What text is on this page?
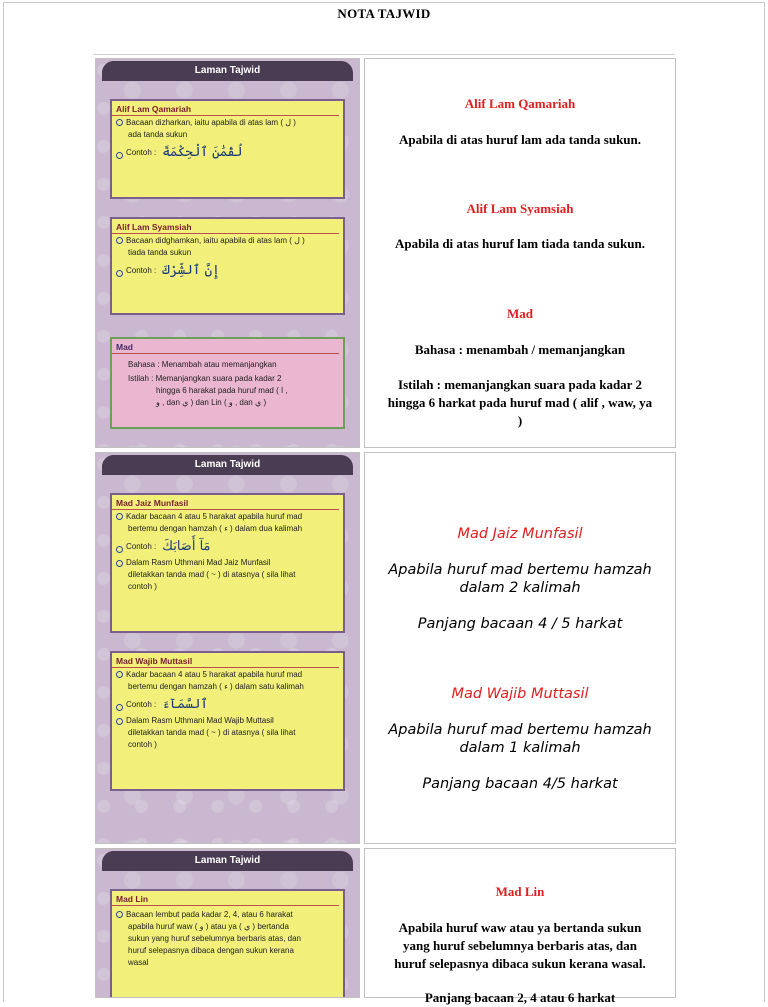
NOTA TAJWID
Laman Tajwid
Alif Lam Qamariah
Bacaan dizharkan, iaitu apabila di atas lam ( ل )
ada tanda sukun
Contoh : لُقْمَٰنَ ٱلْحِكْمَةَ
Alif Lam Syamsiah
Bacaan didghamkan, iaitu apabila di atas lam ( ل )
tiada tanda sukun
Contoh : إِنَّ ٱلشِّرْكَ
Mad
Bahasa : Menambah atau memanjangkan
Istilah : Memanjangkan suara pada kadar 2
hingga 6 harakat pada huruf mad ( ا ,
و , dan ي ) dan Lin ( و , dan ي )

Alif Lam Qamariah

Apabila di atas huruf lam ada tanda sukun.

Alif Lam Syamsiah

Apabila di atas huruf lam tiada tanda sukun.

Mad

Bahasa : menambah / memanjangkan

Istilah : memanjangkan suara pada kadar 2

hingga 6 harkat pada huruf mad ( alif , waw, ya

)

Laman Tajwid
Mad Jaiz Munfasil
Kadar bacaan 4 atau 5 harakat apabila huruf mad
bertemu dengan hamzah ( ء ) dalam dua kalimah
Contoh : مَآ أَصَابَكَ
Dalam Rasm Uthmani Mad Jaiz Munfasil
diletakkan tanda mad ( ~ ) di atasnya ( sila lihat
contoh )
Mad Wajib Muttasil
Kadar bacaan 4 atau 5 harakat apabila huruf mad
bertemu dengan hamzah ( ء ) dalam satu kalimah
Contoh : ٱلسَّمَآءَ
Dalam Rasm Uthmani Mad Wajib Muttasil
diletakkan tanda mad ( ~ ) di atasnya ( sila lihat
contoh )

Mad Jaiz Munfasil

Apabila huruf mad bertemu hamzah

dalam 2 kalimah

Panjang bacaan 4 / 5 harkat

Mad Wajib Muttasil

Apabila huruf mad bertemu hamzah

dalam 1 kalimah

Panjang bacaan 4/5 harkat

Laman Tajwid
Mad Lin
Bacaan lembut pada kadar 2, 4, atau 6 harakat
apabila huruf waw ( و ) atau ya ( ي ) bertanda
sukun yang huruf sebelumnya berbaris atas, dan
huruf selepasnya dibaca dengan sukun kerana
wasal

Mad Lin

Apabila huruf waw atau ya bertanda sukun

yang huruf sebelumnya berbaris atas, dan

huruf selepasnya dibaca sukun kerana wasal.

Panjang bacaan 2, 4 atau 6 harkat
